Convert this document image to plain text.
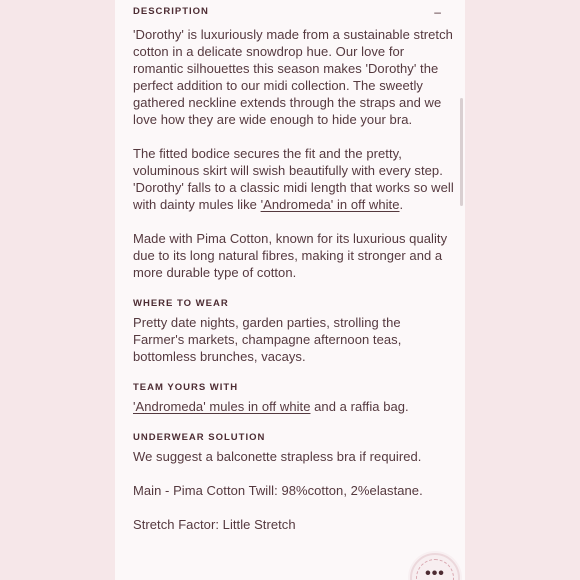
DESCRIPTION	–

'Dorothy' is luxuriously made from a sustainable stretch cotton in a delicate snowdrop hue. Our love for romantic silhouettes this season makes 'Dorothy' the perfect addition to our midi collection. The sweetly gathered neckline extends through the straps and we love how they are wide enough to hide your bra.

The fitted bodice secures the fit and the pretty, voluminous skirt will swish beautifully with every step. 'Dorothy' falls to a classic midi length that works so well with dainty mules like 'Andromeda' in off white.

Made with Pima Cotton, known for its luxurious quality due to its long natural fibres, making it stronger and a more durable type of cotton.

WHERE TO WEAR

Pretty date nights, garden parties, strolling the Farmer's markets, champagne afternoon teas, bottomless brunches, vacays.

TEAM YOURS WITH

'Andromeda' mules in off white and a raffia bag.

UNDERWEAR SOLUTION

We suggest a balconette strapless bra if required.

Main - Pima Cotton Twill: 98%cotton, 2%elastane.

Stretch Factor: Little Stretch

•••
